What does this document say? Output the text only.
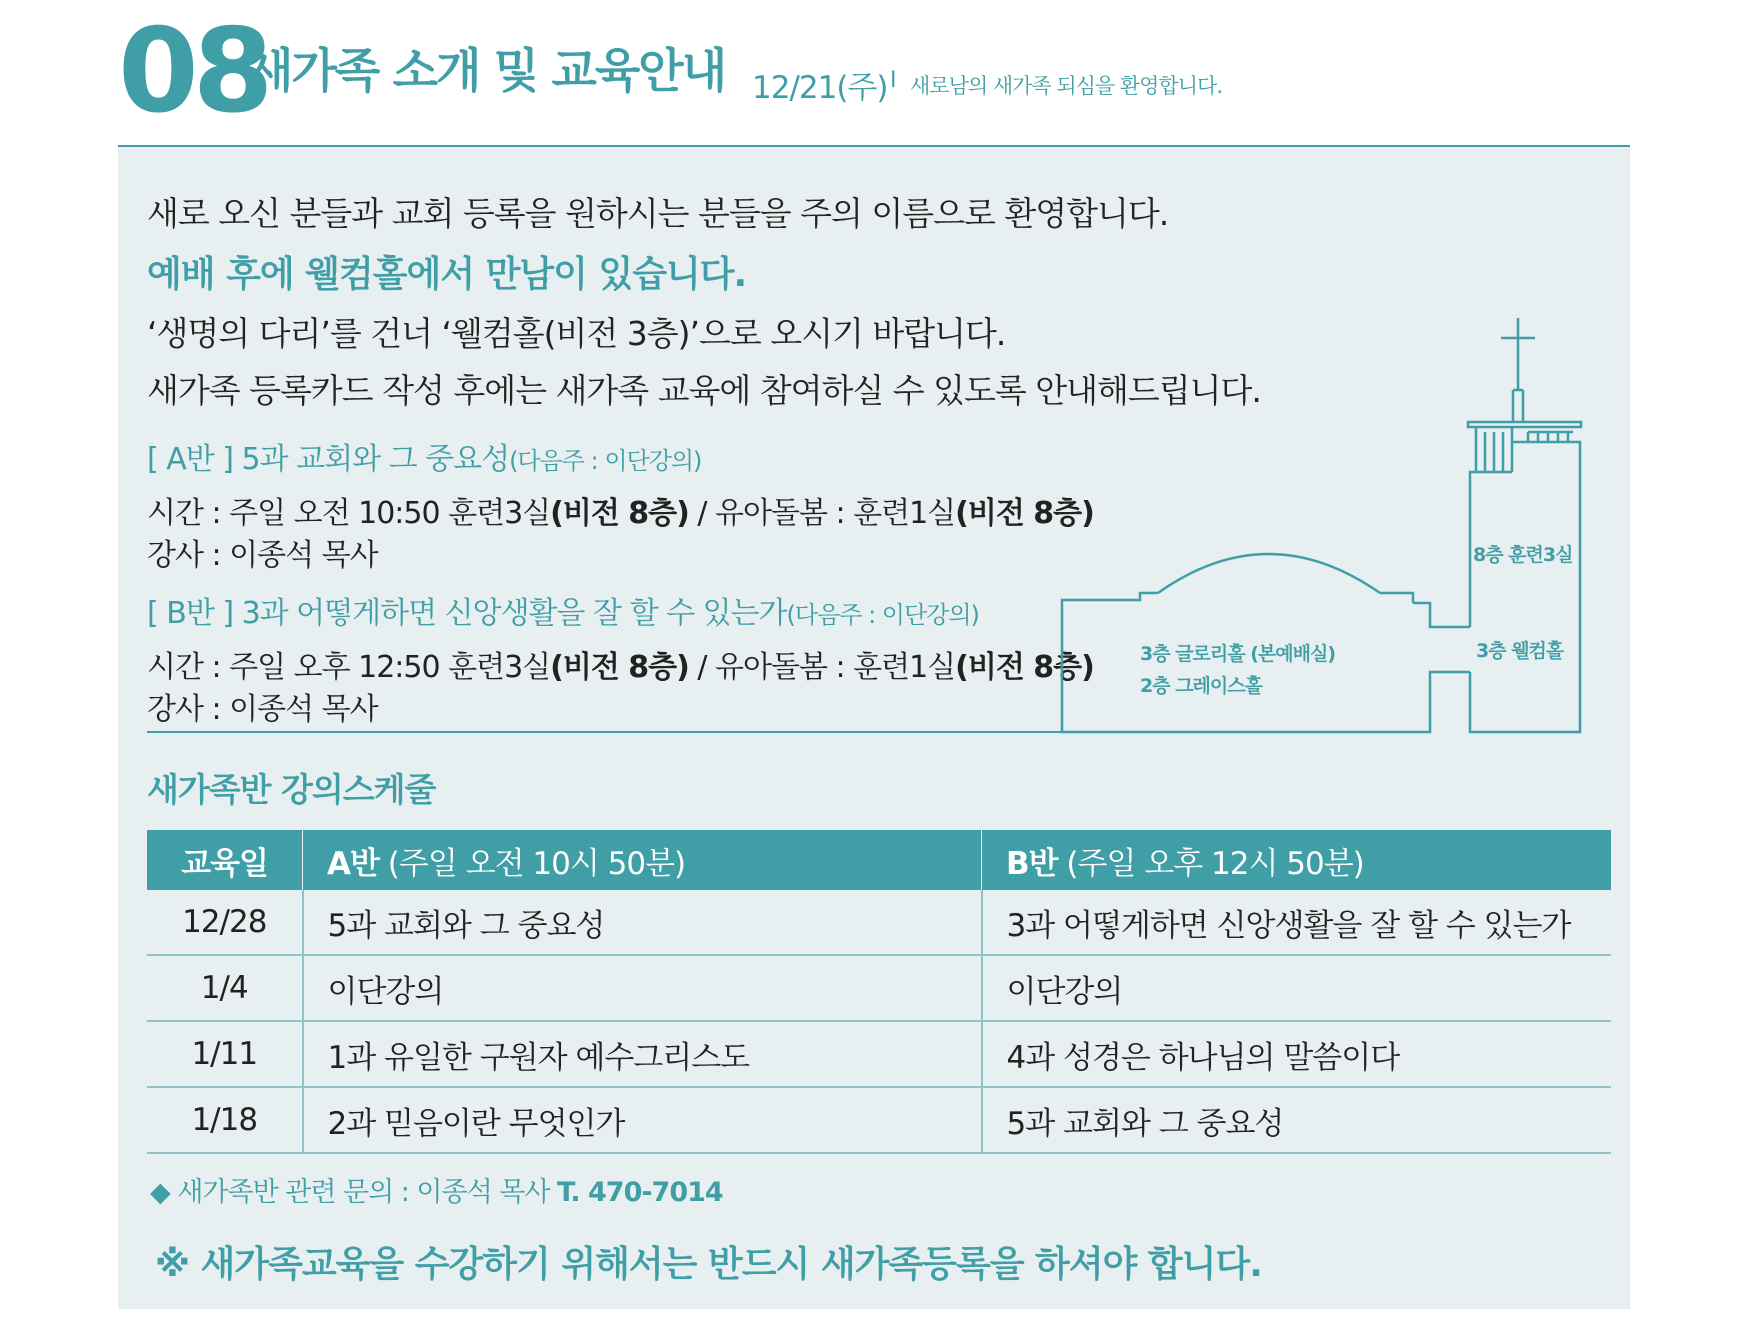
08
새가족 소개 및 교육안내 12/21(주) I 새로남의 새가족 되심을 환영합니다.
새로 오신 분들과 교회 등록을 원하시는 분들을 주의 이름으로 환영합니다.
예배 후에 웰컴홀에서 만남이 있습니다.
‘생명의 다리’를 건너 ‘웰컴홀(비전 3층)’으로 오시기 바랍니다.
새가족 등록카드 작성 후에는 새가족 교육에 참여하실 수 있도록 안내해드립니다.
[ A반 ] 5과 교회와 그 중요성(다음주 : 이단강의)
시간 : 주일 오전 10:50 훈련3실(비전 8층) / 유아돌봄 : 훈련1실(비전 8층)
강사 : 이종석 목사
[ B반 ] 3과 어떻게하면 신앙생활을 잘 할 수 있는가(다음주 : 이단강의)
시간 : 주일 오후 12:50 훈련3실(비전 8층) / 유아돌봄 : 훈련1실(비전 8층)
강사 : 이종석 목사
8층 훈련3실
3층 웰컴홀
3층 글로리홀 (본예배실)
2층 그레이스홀
새가족반 강의스케줄
교육일	A반 (주일 오전 10시 50분)	B반 (주일 오후 12시 50분)
12/28	5과 교회와 그 중요성	3과 어떻게하면 신앙생활을 잘 할 수 있는가
1/4	이단강의	이단강의
1/11	1과 유일한 구원자 예수그리스도	4과 성경은 하나님의 말씀이다
1/18	2과 믿음이란 무엇인가	5과 교회와 그 중요성
◆ 새가족반 관련 문의 : 이종석 목사 T. 470-7014
※ 새가족교육을 수강하기 위해서는 반드시 새가족등록을 하셔야 합니다.
